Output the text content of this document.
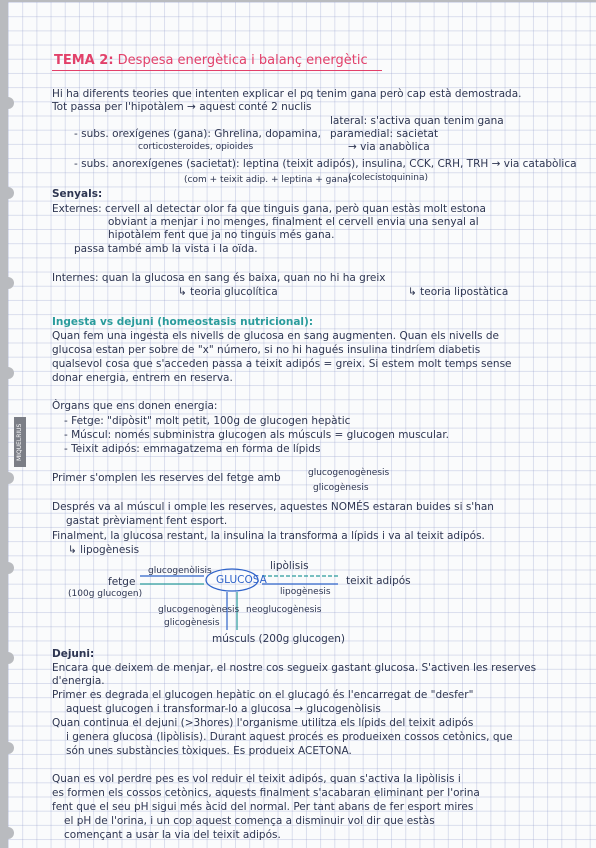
MIQUELRIUS
TEMA 2: Despesa energètica i balanç energètic
Hi ha diferents teories que intenten explicar el pq tenim gana però cap està demostrada.
Tot passa per l'hipotàlem → aquest conté 2 nuclis
lateral: s'activa quan tenim gana
paramedial: sacietat
- subs. orexígenes (gana): Ghrelina, dopamina,
corticosteroides, opioides	→ via anabòlica
- subs. anorexígenes (sacietat): leptina (teixit adipós), insulina, CCK, CRH, TRH → via catabòlica
(com + teixit adip. + leptina + gana)
(colecistoquinina)
Senyals:
Externes: cervell al detectar olor fa que tinguis gana, però quan estàs molt estona
obviant a menjar i no menges, finalment el cervell envia una senyal al
hipotàlem fent que ja no tinguis més gana.
passa també amb la vista i la oïda.
Internes: quan la glucosa en sang és baixa, quan no hi ha greix
↳ teoria glucolítica	↳ teoria lipostàtica
Ingesta vs dejuni (homeostasis nutricional):
Quan fem una ingesta els nivells de glucosa en sang augmenten. Quan els nivells de
glucosa estan per sobre de "x" número, si no hi hagués insulina tindríem diabetis
qualsevol cosa que s'acceden passa a teixit adipós = greix. Si estem molt temps sense
donar energia, entrem en reserva.
Òrgans que ens donen energia:
- Fetge: "dipòsit" molt petit, 100g de glucogen hepàtic
- Múscul: només subministra glucogen als músculs = glucogen muscular.
- Teixit adipós: emmagatzema en forma de lípids
Primer s'omplen les reserves del fetge amb	glucogenogènesis
glicogènesis
Després va al múscul i omple les reserves, aquestes NOMÉS estaran buides si s'han
gastat prèviament fent esport.
Finalment, la glucosa restant, la insulina la transforma a lípids i va al teixit adipós.
↳ lipogènesis
GLUCOSA
fetge
(100g glucogen)
glucogenòlisis	lipòlisis
lipogènesis
teixit adipós
glucogenogènesis
glicogènesis
neoglucogènesis
músculs (200g glucogen)
Dejuni:
Encara que deixem de menjar, el nostre cos segueix gastant glucosa. S'activen les reserves
d'energia.
Primer es degrada el glucogen hepàtic on el glucagó és l'encarregat de "desfer"
aquest glucogen i transformar-lo a glucosa → glucogenòlisis
Quan continua el dejuni (>3hores) l'organisme utilitza els lípids del teixit adipós
i genera glucosa (lipòlisis). Durant aquest procés es produeixen cossos cetònics, que
són unes substàncies tòxiques. Es produeix ACETONA.
Quan es vol perdre pes es vol reduir el teixit adipós, quan s'activa la lipòlisis i
es formen els cossos cetònics, aquests finalment s'acabaran eliminant per l'orina
fent que el seu pH sigui més àcid del normal. Per tant abans de fer esport mires
el pH de l'orina, i un cop aquest comença a disminuir vol dir que estàs
començant a usar la via del teixit adipós.
